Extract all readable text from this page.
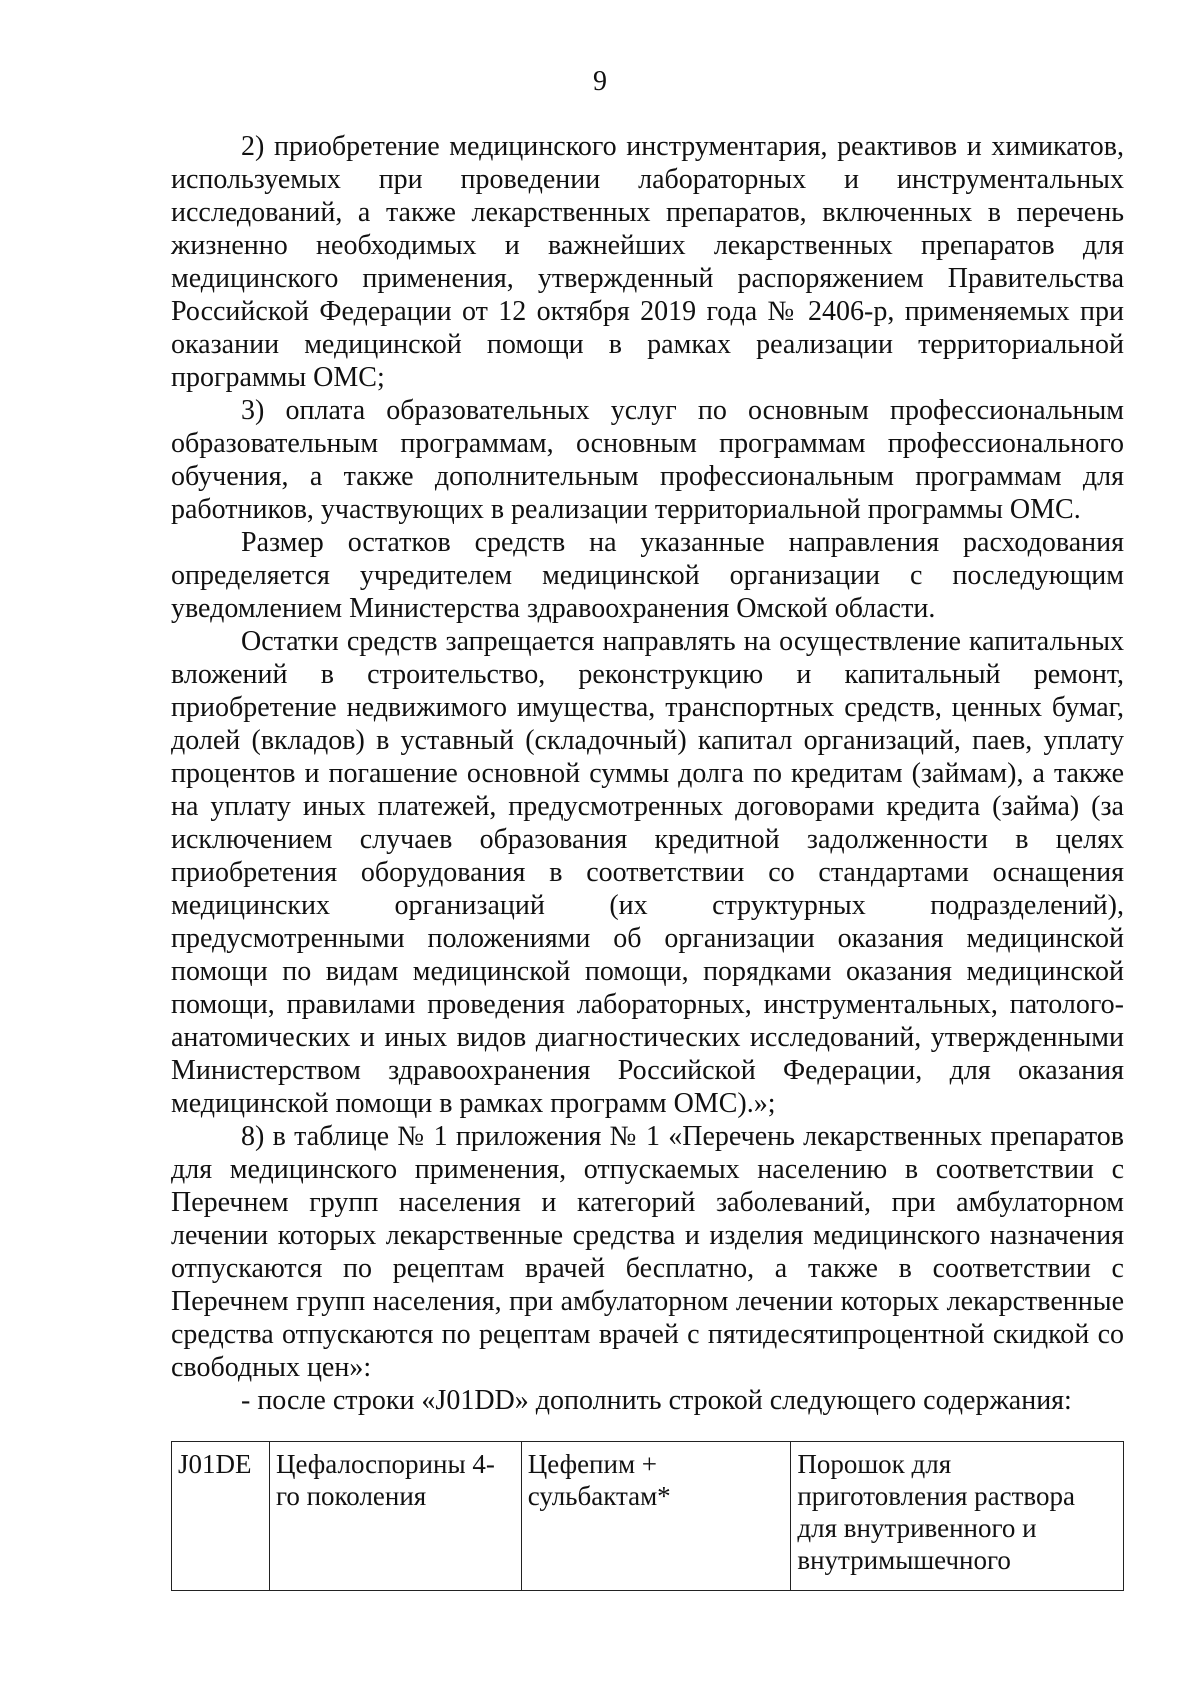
9

2) приобретение медицинского инструментария, реактивов и химикатов, используемых при проведении лабораторных и инструментальных исследований, а также лекарственных препаратов, включенных в перечень жизненно необходимых и важнейших лекарственных препаратов для медицинского применения, утвержденный распоряжением Правительства Российской Федерации от 12 октября 2019 года № 2406-р, применяемых при оказании медицинской помощи в рамках реализации территориальной программы ОМС;

3) оплата образовательных услуг по основным профессиональным образовательным программам, основным программам профессионального обучения, а также дополнительным профессиональным программам для работников, участвующих в реализации территориальной программы ОМС.

Размер остатков средств на указанные направления расходования определяется учредителем медицинской организации с последующим уведомлением Министерства здравоохранения Омской области.

Остатки средств запрещается направлять на осуществление капитальных вложений в строительство, реконструкцию и капитальный ремонт, приобретение недвижимого имущества, транспортных средств, ценных бумаг, долей (вкладов) в уставный (складочный) капитал организаций, паев, уплату процентов и погашение основной суммы долга по кредитам (займам), а также на уплату иных платежей, предусмотренных договорами кредита (займа) (за исключением случаев образования кредитной задолженности в целях приобретения оборудования в соответствии со стандартами оснащения медицинских организаций (их структурных подразделений), предусмотренными положениями об организации оказания медицинской помощи по видам медицинской помощи, порядками оказания медицинской помощи, правилами проведения лабораторных, инструментальных, патолого-анатомических и иных видов диагностических исследований, утвержденными Министерством здравоохранения Российской Федерации, для оказания медицинской помощи в рамках программ ОМС).»;

8) в таблице № 1 приложения № 1 «Перечень лекарственных препаратов для медицинского применения, отпускаемых населению в соответствии с Перечнем групп населения и категорий заболеваний, при амбулаторном лечении которых лекарственные средства и изделия медицинского назначения отпускаются по рецептам врачей бесплатно, а также в соответствии с Перечнем групп населения, при амбулаторном лечении которых лекарственные средства отпускаются по рецептам врачей с пятидесятипроцентной скидкой со свободных цен»:

- после строки «J01DD» дополнить строкой следующего содержания:

J01DE	Цефалоспорины 4-го поколения	Цефепим + сульбактам*	Порошок для приготовления раствора для внутривенного и внутримышечного
